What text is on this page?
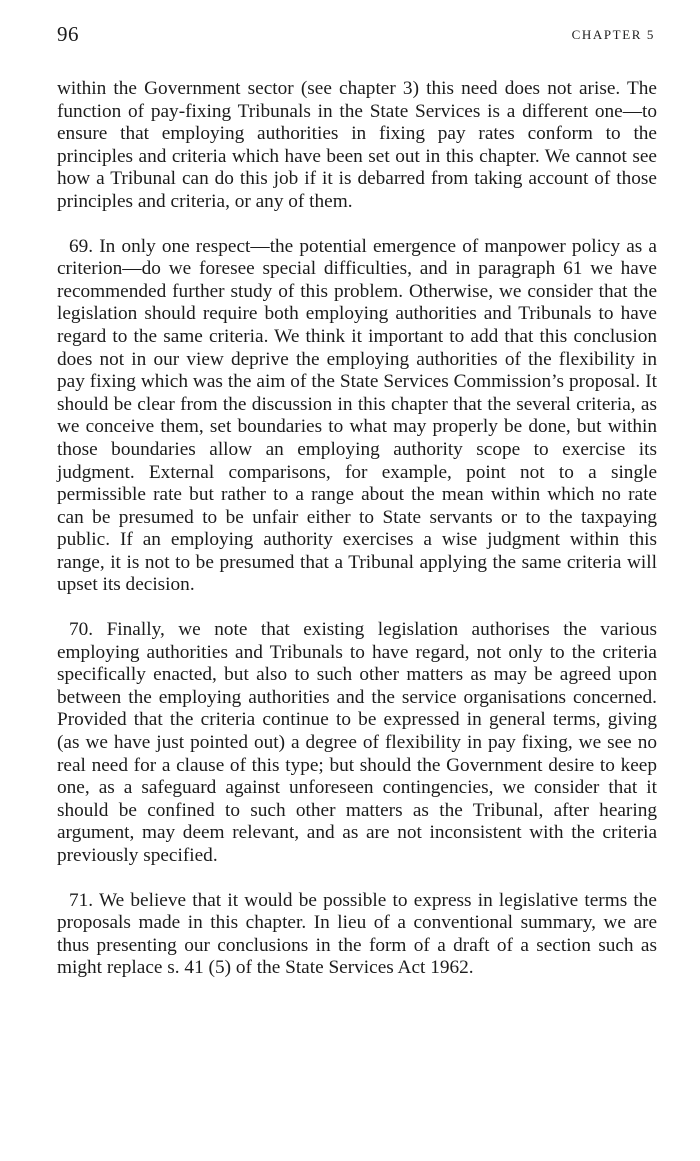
96	CHAPTER 5

within the Government sector (see chapter 3) this need does not arise. The function of pay-fixing Tribunals in the State Services is a different one—to ensure that employing authorities in fixing pay rates conform to the principles and criteria which have been set out in this chapter. We cannot see how a Tribunal can do this job if it is debarred from taking account of those principles and criteria, or any of them.

69. In only one respect—the potential emergence of manpower policy as a criterion—do we foresee special difficulties, and in paragraph 61 we have recommended further study of this problem. Otherwise, we consider that the legislation should require both employing authorities and Tribunals to have regard to the same criteria. We think it important to add that this conclusion does not in our view deprive the employing authorities of the flexibility in pay fixing which was the aim of the State Services Commission’s proposal. It should be clear from the discussion in this chapter that the several criteria, as we conceive them, set boundaries to what may properly be done, but within those boundaries allow an employing authority scope to exercise its judgment. External comparisons, for example, point not to a single permissible rate but rather to a range about the mean within which no rate can be presumed to be unfair either to State servants or to the taxpaying public. If an employing authority exercises a wise judgment within this range, it is not to be presumed that a Tribunal applying the same criteria will upset its decision.

70. Finally, we note that existing legislation authorises the various employing authorities and Tribunals to have regard, not only to the criteria specifically enacted, but also to such other matters as may be agreed upon between the employing authorities and the service organisations concerned. Provided that the criteria continue to be expressed in general terms, giving (as we have just pointed out) a degree of flexibility in pay fixing, we see no real need for a clause of this type; but should the Government desire to keep one, as a safeguard against unforeseen contingencies, we consider that it should be confined to such other matters as the Tribunal, after hearing argument, may deem relevant, and as are not inconsistent with the criteria previously specified.

71. We believe that it would be possible to express in legislative terms the proposals made in this chapter. In lieu of a conventional summary, we are thus presenting our conclusions in the form of a draft of a section such as might replace s. 41 (5) of the State Services Act 1962.
